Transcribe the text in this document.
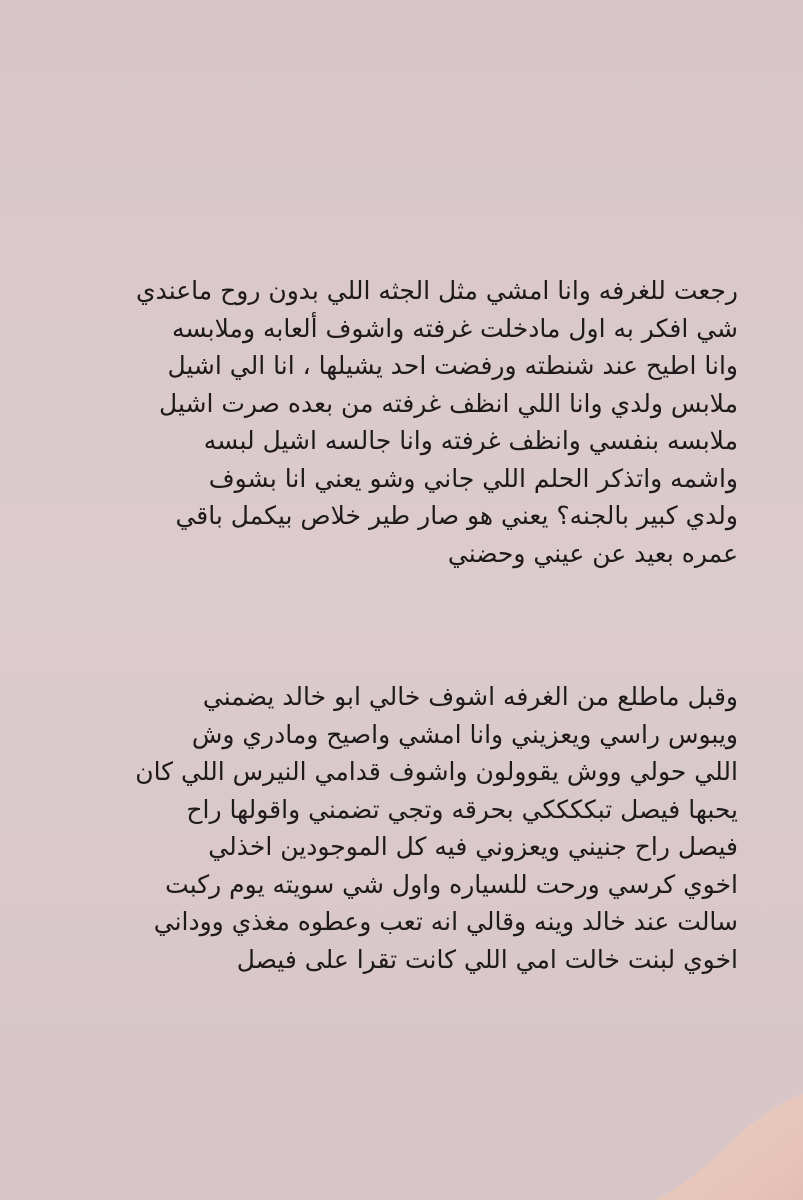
رجعت للغرفه وانا امشي مثل الجثه اللي بدون روح ماعندي
شي افكر به اول مادخلت غرفته واشوف ألعابه وملابسه
وانا اطيح عند شنطته ورفضت احد يشيلها ، انا الي اشيل
ملابس ولدي وانا اللي انظف غرفته من بعده صرت اشيل
ملابسه بنفسي وانظف غرفته وانا جالسه اشيل لبسه
واشمه واتذكر الحلم اللي جاني وشو يعني انا بشوف
ولدي كبير بالجنه؟ يعني هو صار طير خلاص بيكمل باقي
عمره بعيد عن عيني وحضني
وقبل ماطلع من الغرفه اشوف خالي ابو خالد يضمني
ويبوس راسي ويعزيني وانا امشي واصيح ومادري وش
اللي حولي ووش يقوولون واشوف قدامي النيرس اللي كان
يحبها فيصل تبككككي بحرقه وتجي تضمني واقولها راح
فيصل راح جنيني ويعزوني فيه كل الموجودين اخذلي
اخوي كرسي ورحت للسياره واول شي سويته يوم ركبت
سالت عند خالد وينه وقالي انه تعب وعطوه مغذي ووداني
اخوي لبنت خالت امي اللي كانت تقرا على فيصل
